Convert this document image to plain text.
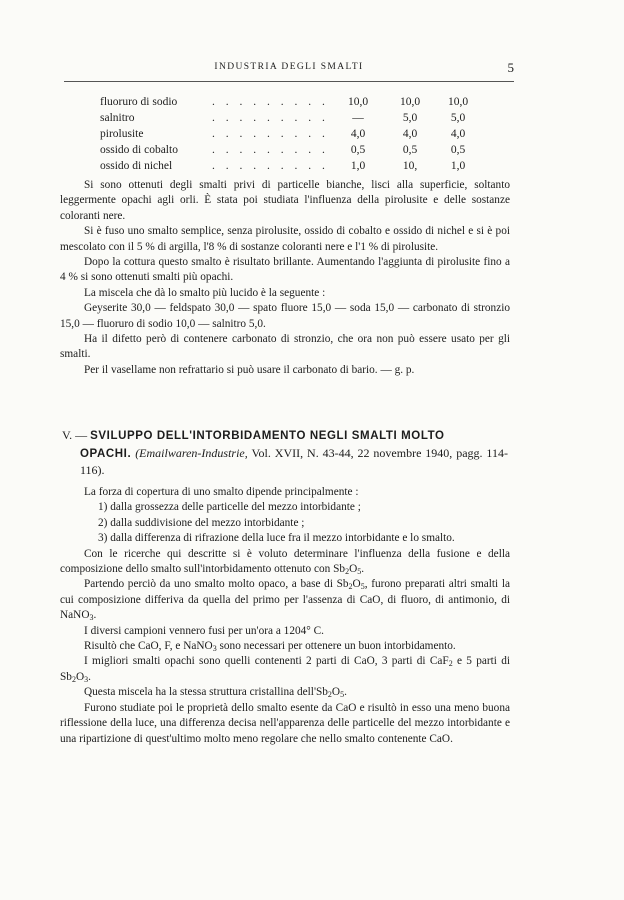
INDUSTRIA DEGLI SMALTI	5
fluoruro di sodio	. . . . . . . . .	10,0	10,0	10,0
salnitro	. . . . . . . . .	—	5,0	5,0
pirolusite	. . . . . . . . .	4,0	4,0	4,0
ossido di cobalto	. . . . . . . . .	0,5	0,5	0,5
ossido di nichel	. . . . . . . . .	1,0	10,	1,0

Si sono ottenuti degli smalti privi di particelle bianche, lisci alla superficie, soltanto leggermente opachi agli orli. È stata poi studiata l'influenza della pirolusite e delle sostanze coloranti nere.

Si è fuso uno smalto semplice, senza pirolusite, ossido di cobalto e ossido di nichel e si è poi mescolato con il 5 % di argilla, l'8 % di sostanze coloranti nere e l'1 % di pirolusite.

Dopo la cottura questo smalto è risultato brillante. Aumentando l'aggiunta di pirolusite fino a 4 % si sono ottenuti smalti più opachi.

La miscela che dà lo smalto più lucido è la seguente :

Geyserite 30,0 — feldspato 30,0 — spato fluore 15,0 — soda 15,0 — carbonato di stronzio 15,0 — fluoruro di sodio 10,0 — salnitro 5,0.

Ha il difetto però di contenere carbonato di stronzio, che ora non può essere usato per gli smalti.

Per il vasellame non refrattario si può usare il carbonato di bario. — g. p.

V. — SVILUPPO DELL'INTORBIDAMENTO NEGLI SMALTI MOLTO
OPACHI. (Emailwaren-Industrie, Vol. XVII, N. 43-44, 22 novembre 1940, pagg. 114-116).

La forza di copertura di uno smalto dipende principalmente :

1) dalla grossezza delle particelle del mezzo intorbidante ;

2) dalla suddivisione del mezzo intorbidante ;

3) dalla differenza di rifrazione della luce fra il mezzo intorbidante e lo smalto.

Con le ricerche qui descritte si è voluto determinare l'influenza della fusione e della composizione dello smalto sull'intorbidamento ottenuto con $Sb_2O_5$.

Partendo perciò da uno smalto molto opaco, a base di $Sb_2O_5$, furono preparati altri smalti la cui composizione differiva da quella del primo per l'assenza di CaO, di fluoro, di antimonio, di NaNO$_3$.

I diversi campioni vennero fusi per un'ora a 1204° C.

Risultò che CaO, F, e NaNO$_3$ sono necessari per ottenere un buon intorbidamento.

I migliori smalti opachi sono quelli contenenti 2 parti di CaO, 3 parti di CaF$_2$ e 5 parti di $Sb_2O_3$.

Questa miscela ha la stessa struttura cristallina $dell'Sb_2O_5$.

Furono studiate poi le proprietà dello smalto esente da CaO e risultò in esso una meno buona riflessione della luce, una differenza decisa nell'apparenza delle particelle del mezzo intorbidante e una ripartizione di quest'ultimo molto meno regolare che nello smalto contenente CaO.
